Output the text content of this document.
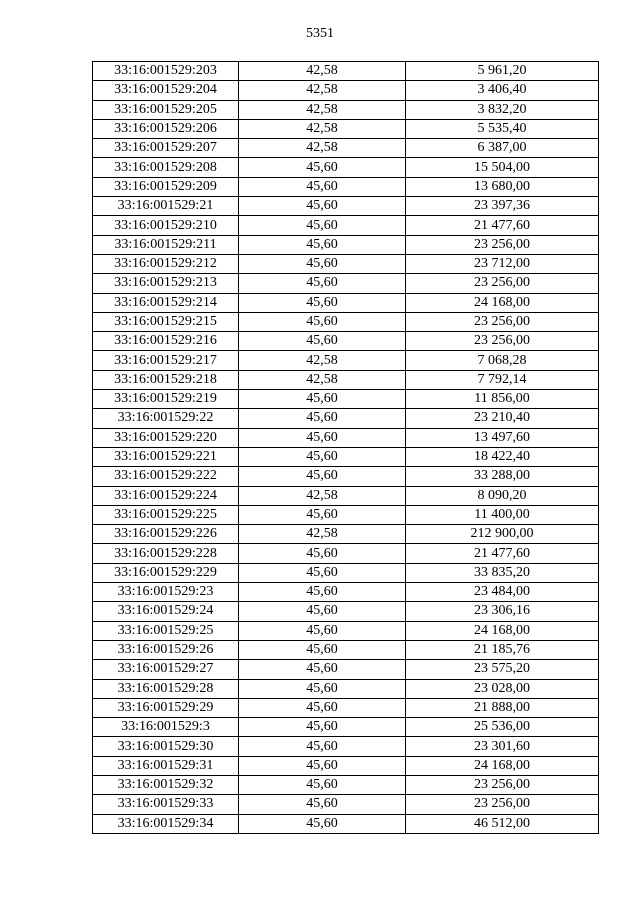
5351
33:16:001529:203	42,58	5 961,20
33:16:001529:204	42,58	3 406,40
33:16:001529:205	42,58	3 832,20
33:16:001529:206	42,58	5 535,40
33:16:001529:207	42,58	6 387,00
33:16:001529:208	45,60	15 504,00
33:16:001529:209	45,60	13 680,00
33:16:001529:21	45,60	23 397,36
33:16:001529:210	45,60	21 477,60
33:16:001529:211	45,60	23 256,00
33:16:001529:212	45,60	23 712,00
33:16:001529:213	45,60	23 256,00
33:16:001529:214	45,60	24 168,00
33:16:001529:215	45,60	23 256,00
33:16:001529:216	45,60	23 256,00
33:16:001529:217	42,58	7 068,28
33:16:001529:218	42,58	7 792,14
33:16:001529:219	45,60	11 856,00
33:16:001529:22	45,60	23 210,40
33:16:001529:220	45,60	13 497,60
33:16:001529:221	45,60	18 422,40
33:16:001529:222	45,60	33 288,00
33:16:001529:224	42,58	8 090,20
33:16:001529:225	45,60	11 400,00
33:16:001529:226	42,58	212 900,00
33:16:001529:228	45,60	21 477,60
33:16:001529:229	45,60	33 835,20
33:16:001529:23	45,60	23 484,00
33:16:001529:24	45,60	23 306,16
33:16:001529:25	45,60	24 168,00
33:16:001529:26	45,60	21 185,76
33:16:001529:27	45,60	23 575,20
33:16:001529:28	45,60	23 028,00
33:16:001529:29	45,60	21 888,00
33:16:001529:3	45,60	25 536,00
33:16:001529:30	45,60	23 301,60
33:16:001529:31	45,60	24 168,00
33:16:001529:32	45,60	23 256,00
33:16:001529:33	45,60	23 256,00
33:16:001529:34	45,60	46 512,00
